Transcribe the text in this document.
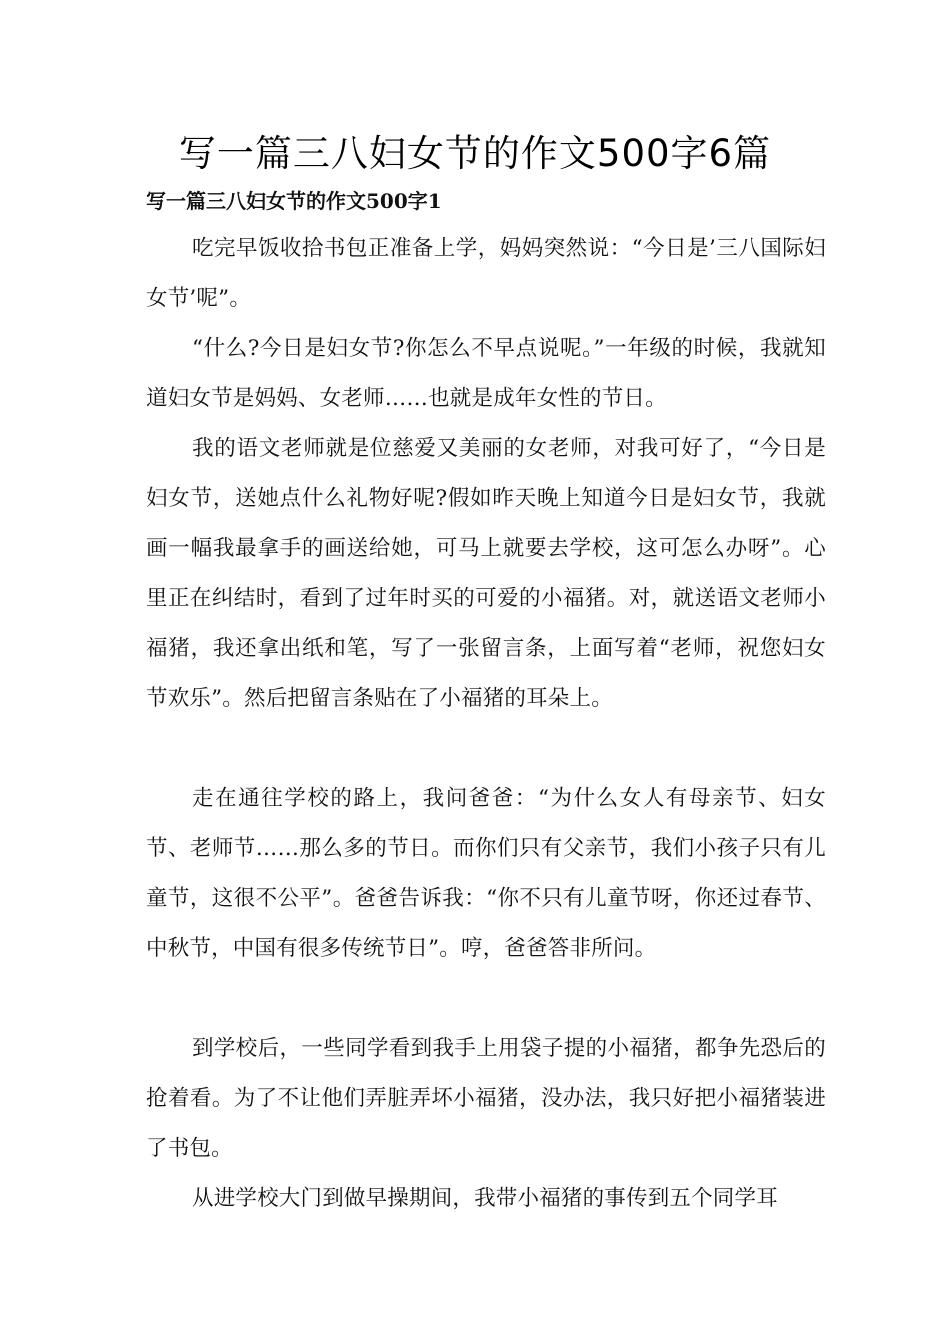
写一篇三八妇女节的作文500字6篇
写一篇三八妇女节的作文500字1

吃完早饭收拾书包正准备上学，妈妈突然说：“今日是’三八国际妇女节’呢”。

“什么?今日是妇女节?你怎么不早点说呢。”一年级的时候，我就知道妇女节是妈妈、女老师……也就是成年女性的节日。

我的语文老师就是位慈爱又美丽的女老师，对我可好了，“今日是妇女节，送她点什么礼物好呢?假如昨天晚上知道今日是妇女节，我就画一幅我最拿手的画送给她，可马上就要去学校，这可怎么办呀”。心里正在纠结时，看到了过年时买的可爱的小福猪。对，就送语文老师小福猪，我还拿出纸和笔，写了一张留言条，上面写着“老师，祝您妇女节欢乐”。然后把留言条贴在了小福猪的耳朵上。

走在通往学校的路上，我问爸爸：“为什么女人有母亲节、妇女节、老师节……那么多的节日。而你们只有父亲节，我们小孩子只有儿童节，这很不公平”。爸爸告诉我：“你不只有儿童节呀，你还过春节、中秋节，中国有很多传统节日”。哼，爸爸答非所问。

到学校后，一些同学看到我手上用袋子提的小福猪，都争先恐后的抢着看。为了不让他们弄脏弄坏小福猪，没办法，我只好把小福猪装进了书包。

从进学校大门到做早操期间，我带小福猪的事传到五个同学耳
